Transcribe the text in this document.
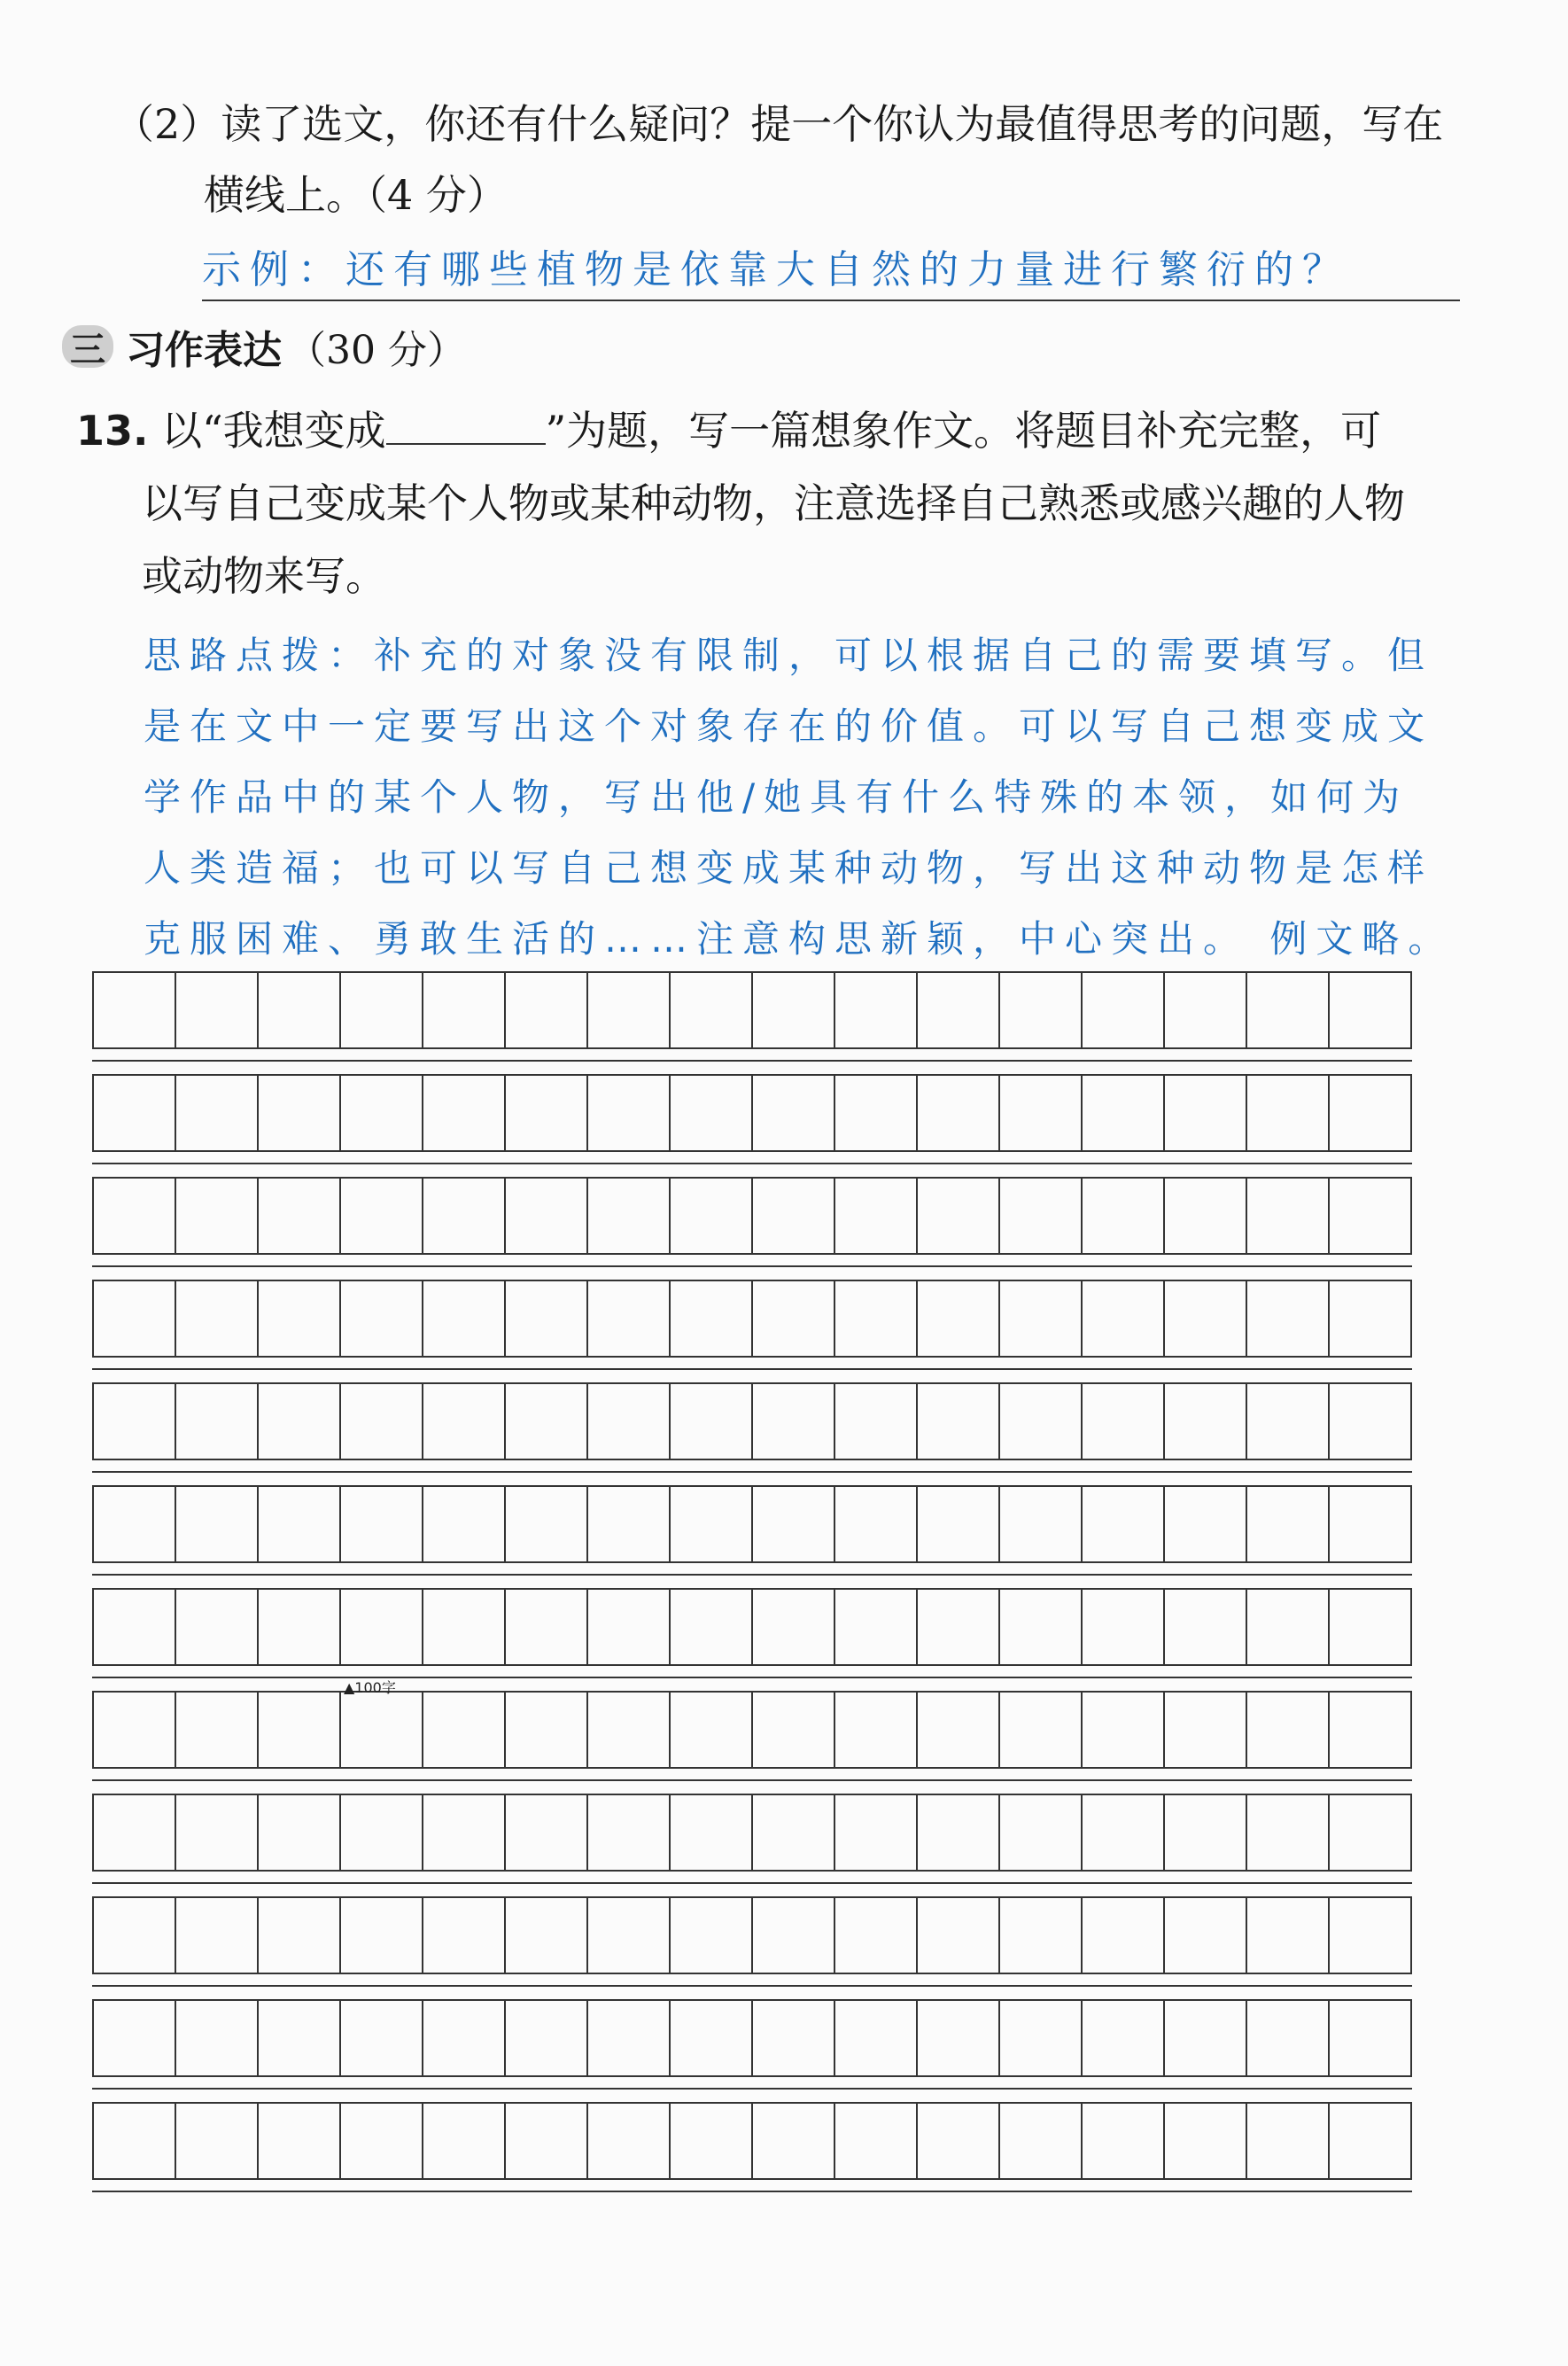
（2）读了选文，你还有什么疑问？提一个你认为最值得思考的问题，写在
横线上。（4 分）
示例：还有哪些植物是依靠大自然的力量进行繁衍的？
三 习作表达 （30 分）
13. 以“我想变成	”为题，写一篇想象作文。将题目补充完整，可
以写自己变成某个人物或某种动物，注意选择自己熟悉或感兴趣的人物
或动物来写。
思路点拨：补充的对象没有限制，可以根据自己的需要填写。但
是在文中一定要写出这个对象存在的价值。可以写自己想变成文
学作品中的某个人物，写出他/她具有什么特殊的本领，如何为
人类造福；也可以写自己想变成某种动物，写出这种动物是怎样
克服困难、勇敢生活的……注意构思新颖，中心突出。 例文略。
▲100字
